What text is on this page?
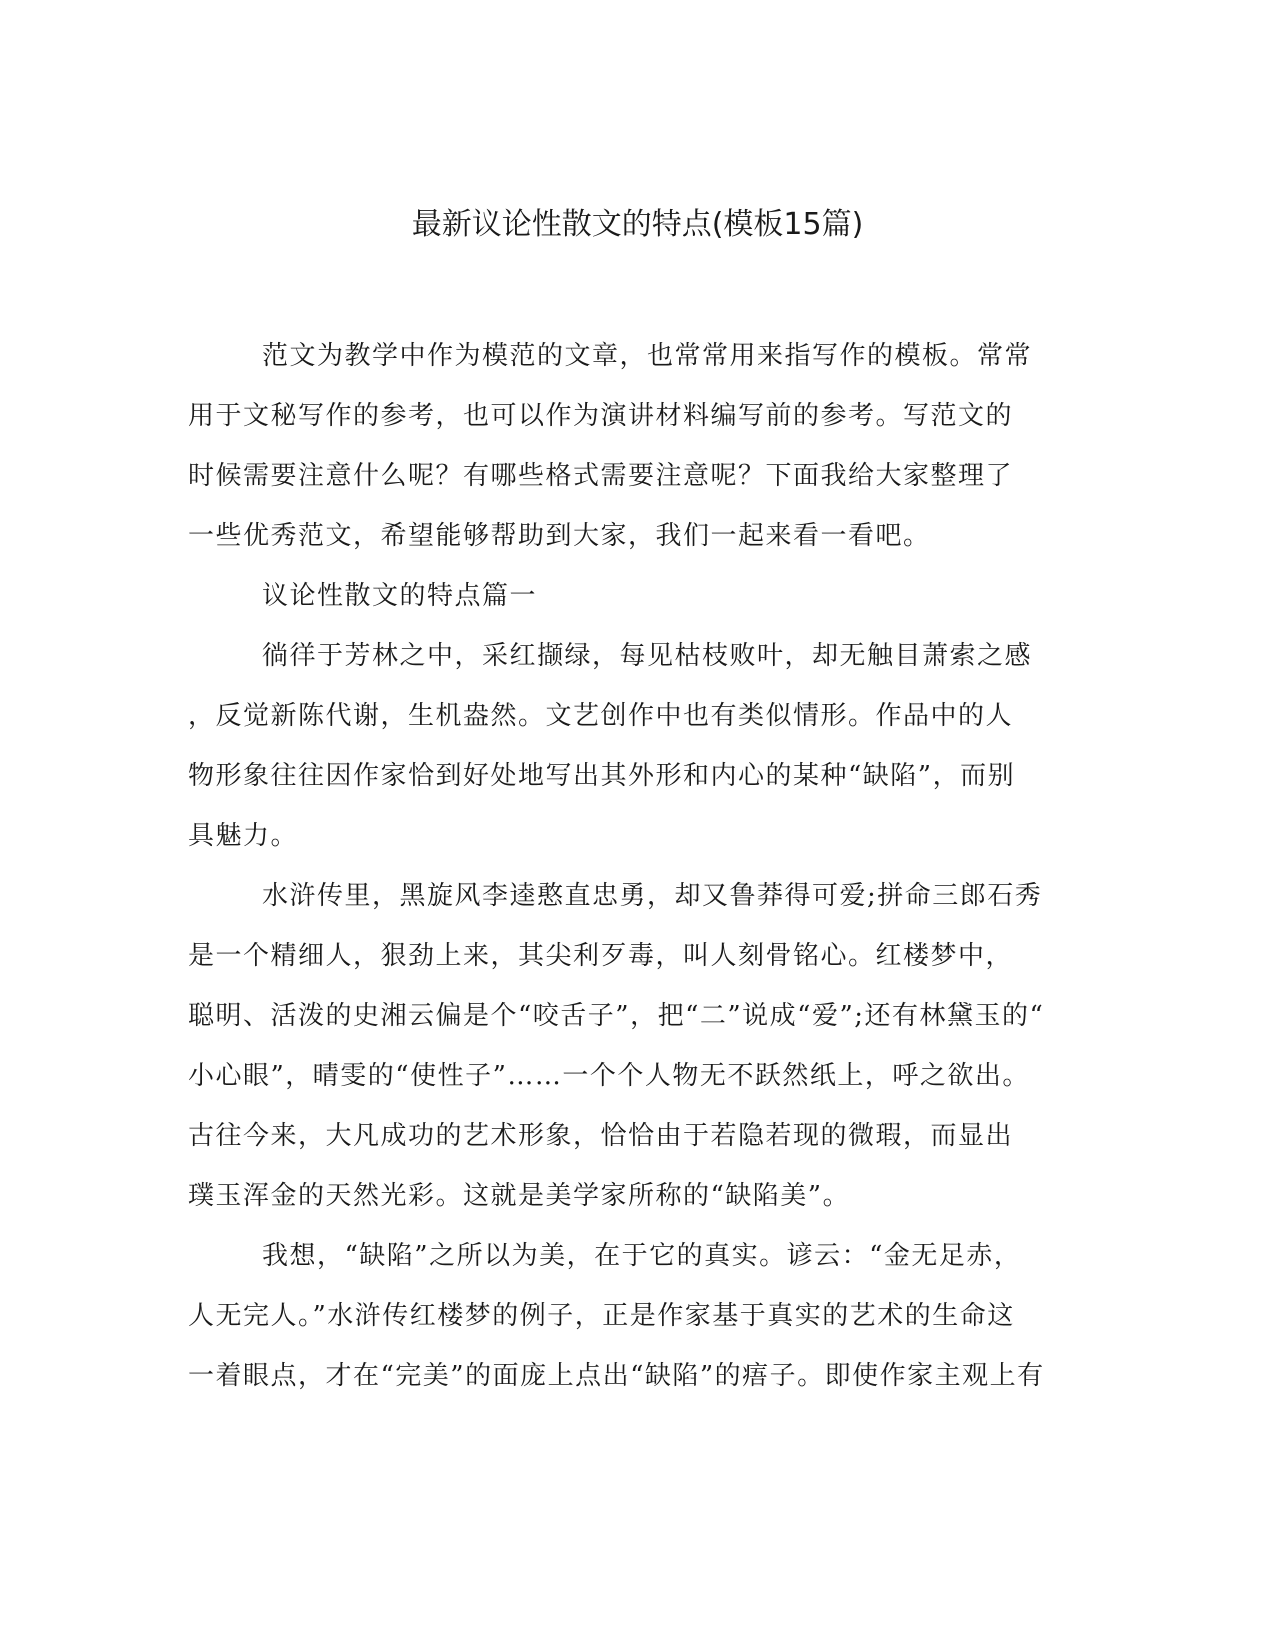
最新议论性散文的特点(模板15篇)
范文为教学中作为模范的文章，也常常用来指写作的模板。常常
用于文秘写作的参考，也可以作为演讲材料编写前的参考。写范文的
时候需要注意什么呢？有哪些格式需要注意呢？下面我给大家整理了
一些优秀范文，希望能够帮助到大家，我们一起来看一看吧。
议论性散文的特点篇一
徜徉于芳林之中，采红撷绿，每见枯枝败叶，却无触目萧索之感
，反觉新陈代谢，生机盎然。文艺创作中也有类似情形。作品中的人
物形象往往因作家恰到好处地写出其外形和内心的某种“缺陷”，而别
具魅力。
水浒传里，黑旋风李逵憨直忠勇，却又鲁莽得可爱;拼命三郎石秀
是一个精细人，狠劲上来，其尖利歹毒，叫人刻骨铭心。红楼梦中，
聪明、活泼的史湘云偏是个“咬舌子”，把“二”说成“爱”;还有林黛玉的“
小心眼”，晴雯的“使性子”……一个个人物无不跃然纸上，呼之欲出。
古往今来，大凡成功的艺术形象，恰恰由于若隐若现的微瑕，而显出
璞玉浑金的天然光彩。这就是美学家所称的“缺陷美”。
我想，“缺陷”之所以为美，在于它的真实。谚云：“金无足赤，
人无完人。”水浒传红楼梦的例子，正是作家基于真实的艺术的生命这
一着眼点，才在“完美”的面庞上点出“缺陷”的痦子。即使作家主观上有
